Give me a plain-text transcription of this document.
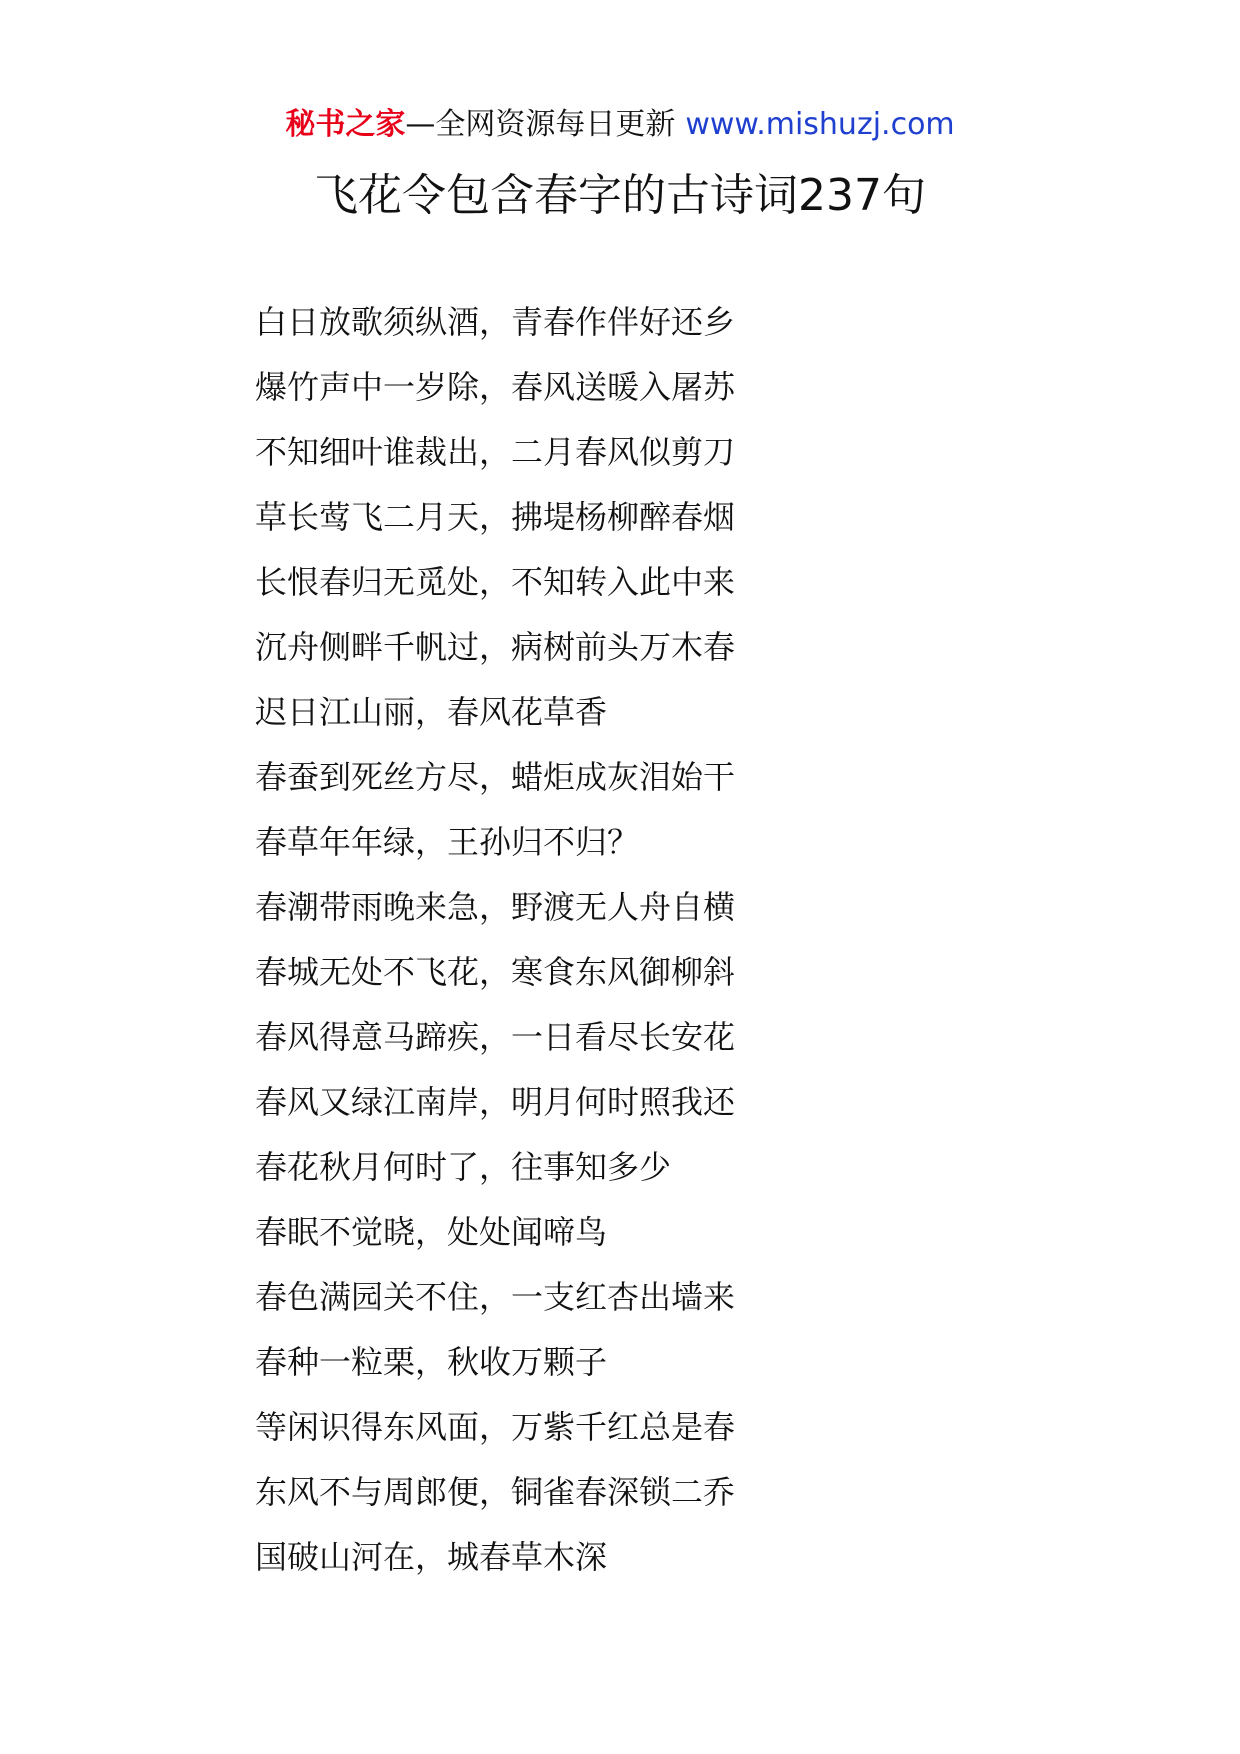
秘书之家—全网资源每日更新 www.mishuzj.com
飞花令包含春字的古诗词237句
白日放歌须纵酒，青春作伴好还乡
爆竹声中一岁除，春风送暖入屠苏
不知细叶谁裁出，二月春风似剪刀
草长莺飞二月天，拂堤杨柳醉春烟
长恨春归无觅处，不知转入此中来
沉舟侧畔千帆过，病树前头万木春
迟日江山丽，春风花草香
春蚕到死丝方尽，蜡炬成灰泪始干
春草年年绿，王孙归不归？
春潮带雨晚来急，野渡无人舟自横
春城无处不飞花，寒食东风御柳斜
春风得意马蹄疾，一日看尽长安花
春风又绿江南岸，明月何时照我还
春花秋月何时了，往事知多少
春眠不觉晓，处处闻啼鸟
春色满园关不住，一支红杏出墙来
春种一粒栗，秋收万颗子
等闲识得东风面，万紫千红总是春
东风不与周郎便，铜雀春深锁二乔
国破山河在，城春草木深
